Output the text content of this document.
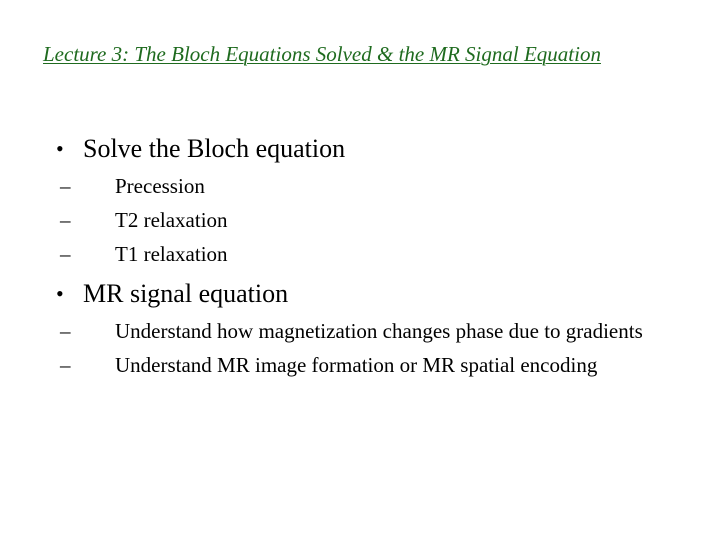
Lecture 3: The Bloch Equations Solved & the MR Signal Equation
• Solve the Bloch equation
– Precession
– T2 relaxation
– T1 relaxation
• MR signal equation
– Understand how magnetization changes phase due to gradients
– Understand MR image formation or MR spatial encoding
